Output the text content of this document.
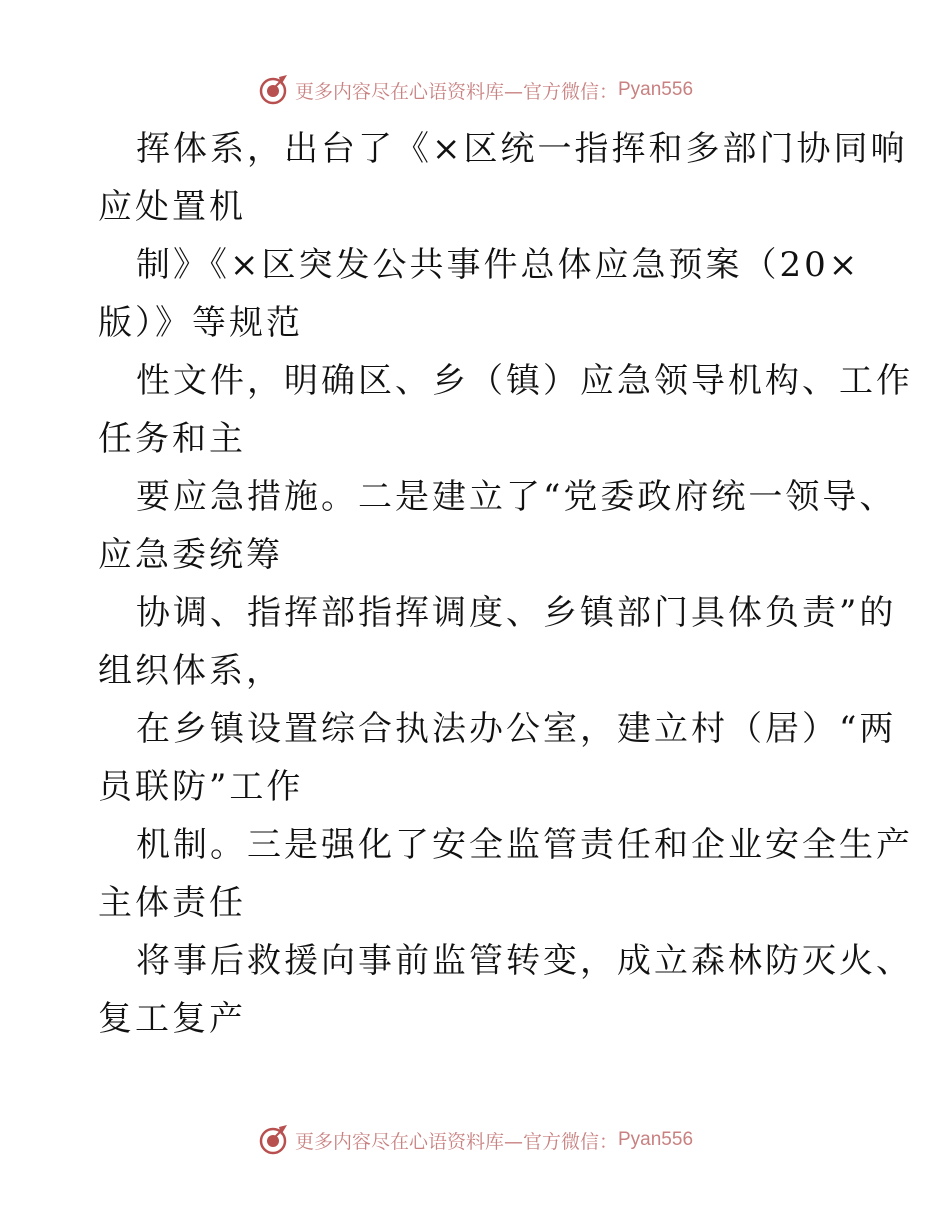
更多内容尽在心语资料库—官方微信： Pyan556
挥体系，出台了《×区统一指挥和多部门协同响
应处置机
制》《×区突发公共事件总体应急预案（20×
版）》等规范
性文件，明确区、乡（镇）应急领导机构、工作
任务和主
要应急措施。二是建立了“党委政府统一领导、
应急委统筹
协调、指挥部指挥调度、乡镇部门具体负责”的
组织体系，
在乡镇设置综合执法办公室，建立村（居）“两
员联防”工作
机制。三是强化了安全监管责任和企业安全生产
主体责任
将事后救援向事前监管转变，成立森林防灭火、
复工复产
更多内容尽在心语资料库—官方微信： Pyan556
